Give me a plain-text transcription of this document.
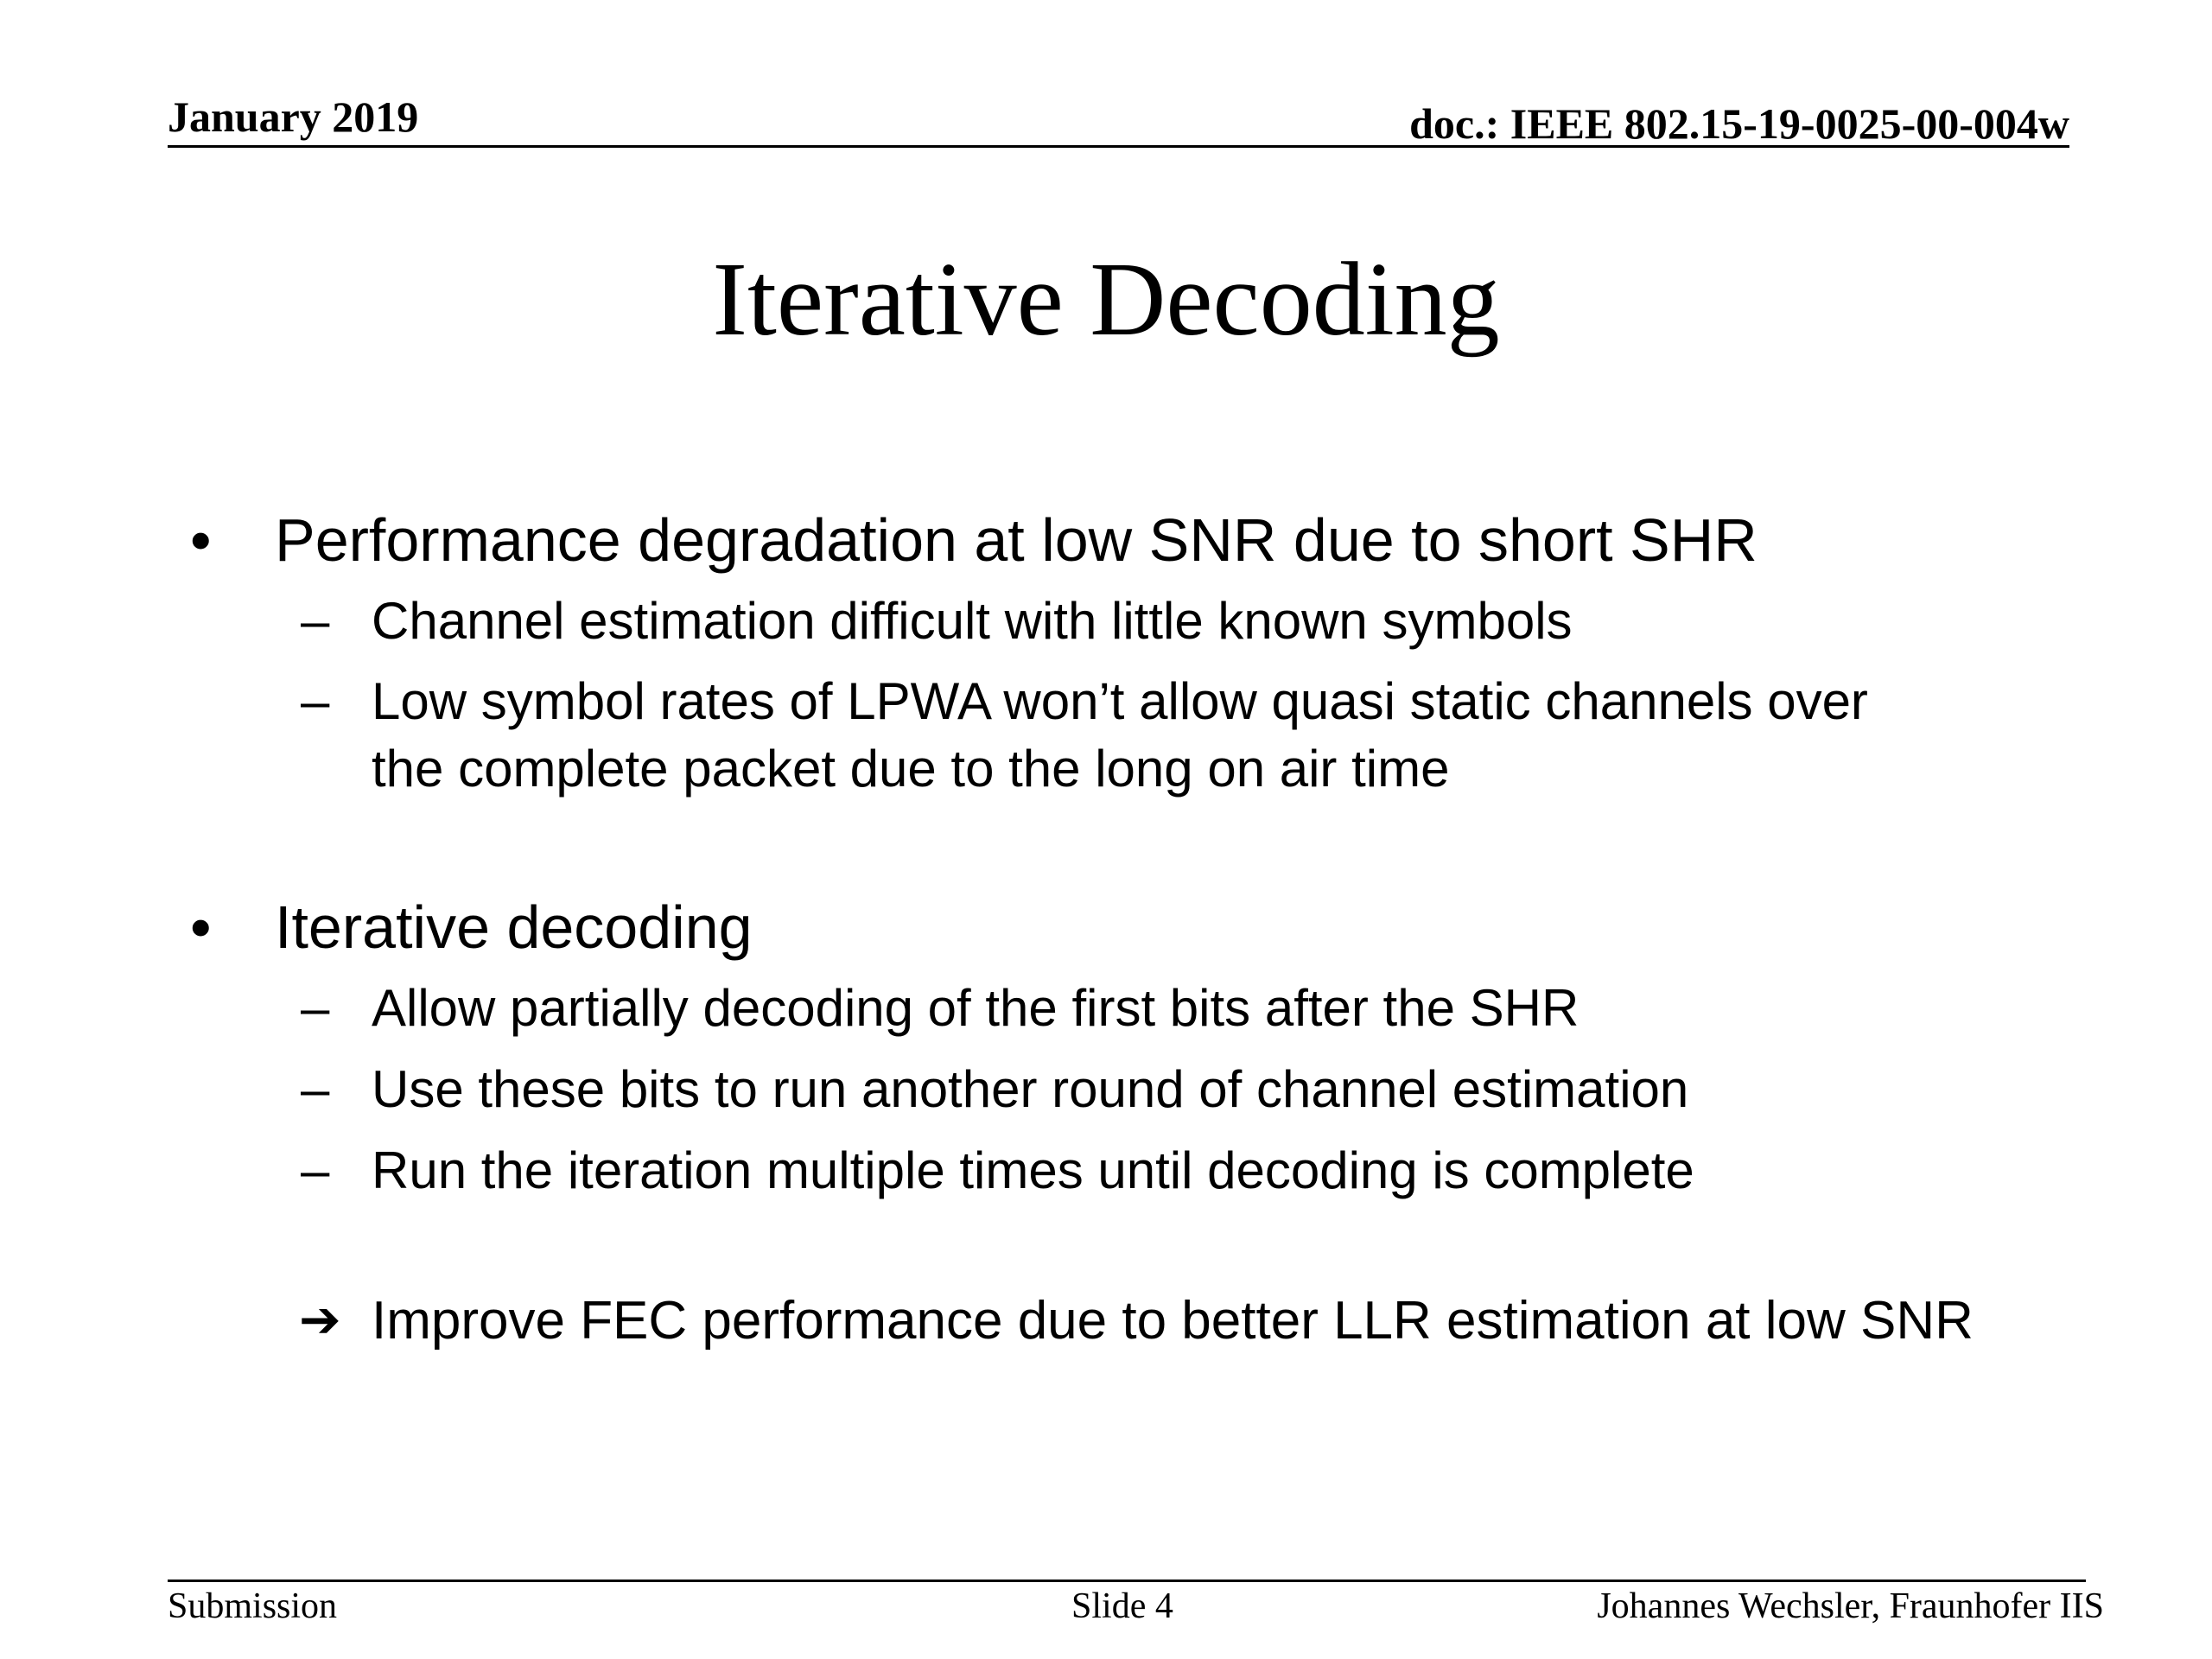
January 2019	doc.: IEEE 802.15-19-0025-00-004w
Iterative Decoding
• Performance degradation at low SNR due to short SHR
– Channel estimation difficult with little known symbols
– Low symbol rates of LPWA won’t allow quasi static channels over
the complete packet due to the long on air time
• Iterative decoding
– Allow partially decoding of the first bits after the SHR
– Use these bits to run another round of channel estimation
– Run the iteration multiple times until decoding is complete
➔ Improve FEC performance due to better LLR estimation at low SNR
Submission	Slide 4	Johannes Wechsler, Fraunhofer IIS
